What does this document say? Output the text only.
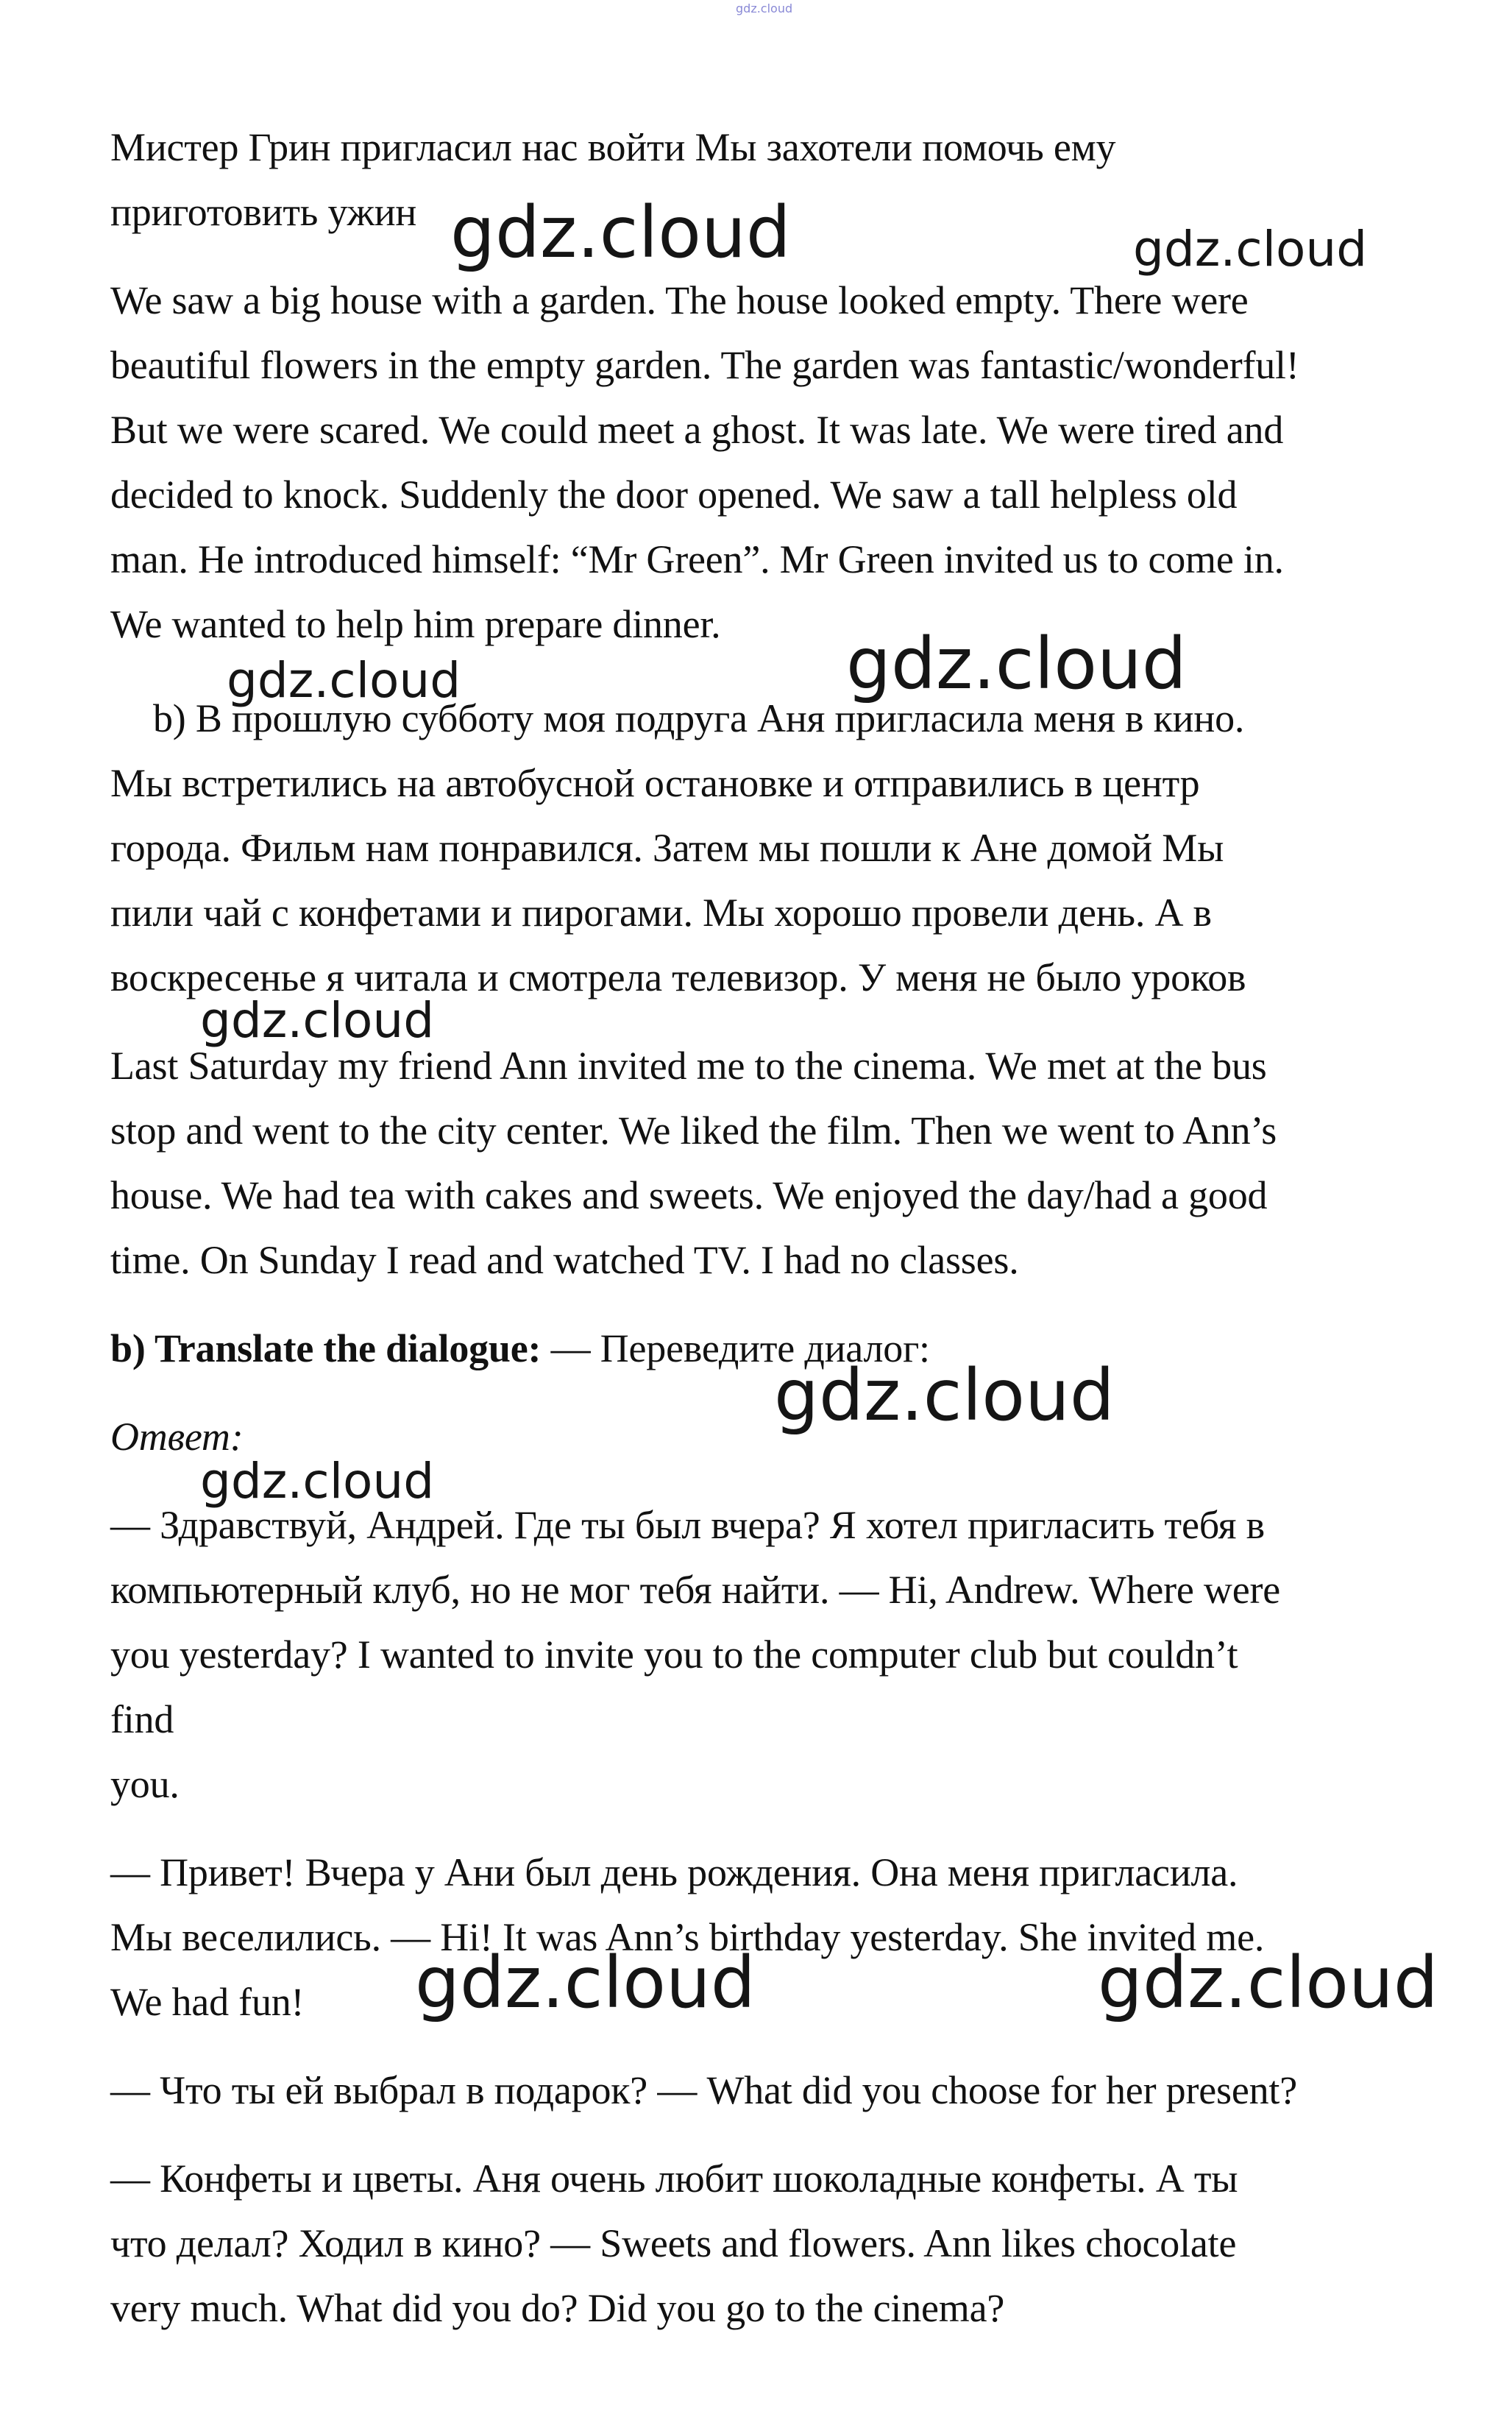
gdz.cloud
Мистер Грин пригласил нас войти Мы захотели помочь ему
приготовить ужин
We saw a big house with a garden. The house looked empty. There were
beautiful flowers in the empty garden. The garden was fantastic/wonderful!
But we were scared. We could meet a ghost. It was late. We were tired and
decided to knock. Suddenly the door opened. We saw a tall helpless old
man. He introduced himself: “Mr Green”. Mr Green invited us to come in.
We wanted to help him prepare dinner.
b) В прошлую субботу моя подруга Аня пригласила меня в кино.
Мы встретились на автобусной остановке и отправились в центр
города. Фильм нам понравился. Затем мы пошли к Ане домой Мы
пили чай с конфетами и пирогами. Мы хорошо провели день. А в
воскресенье я читала и смотрела телевизор. У меня не было уроков
Last Saturday my friend Ann invited me to the cinema. We met at the bus
stop and went to the city center. We liked the film. Then we went to Ann’s
house. We had tea with cakes and sweets. We enjoyed the day/had a good
time. On Sunday I read and watched TV. I had no classes.
b) Translate the dialogue: — Переведите диалог:
Ответ:
— Здравствуй, Андрей. Где ты был вчера? Я хотел пригласить тебя в
компьютерный клуб, но не мог тебя найти. — Hi, Andrew. Where were
you yesterday? I wanted to invite you to the computer club but couldn’t
find
you.
— Привет! Вчера у Ани был день рождения. Она меня пригласила.
Мы веселились. — Hi! It was Ann’s birthday yesterday. She invited me.
We had fun!
— Что ты ей выбрал в подарок? — What did you choose for her present?
— Конфеты и цветы. Аня очень любит шоколадные конфеты. А ты
что делал? Ходил в кино? — Sweets and flowers. Ann likes chocolate
very much. What did you do? Did you go to the cinema?
gdz.cloud	gdz.cloud
gdz.cloud
gdz.cloud
gdz.cloud
gdz.cloud
gdz.cloud
gdz.cloud	gdz.cloud
